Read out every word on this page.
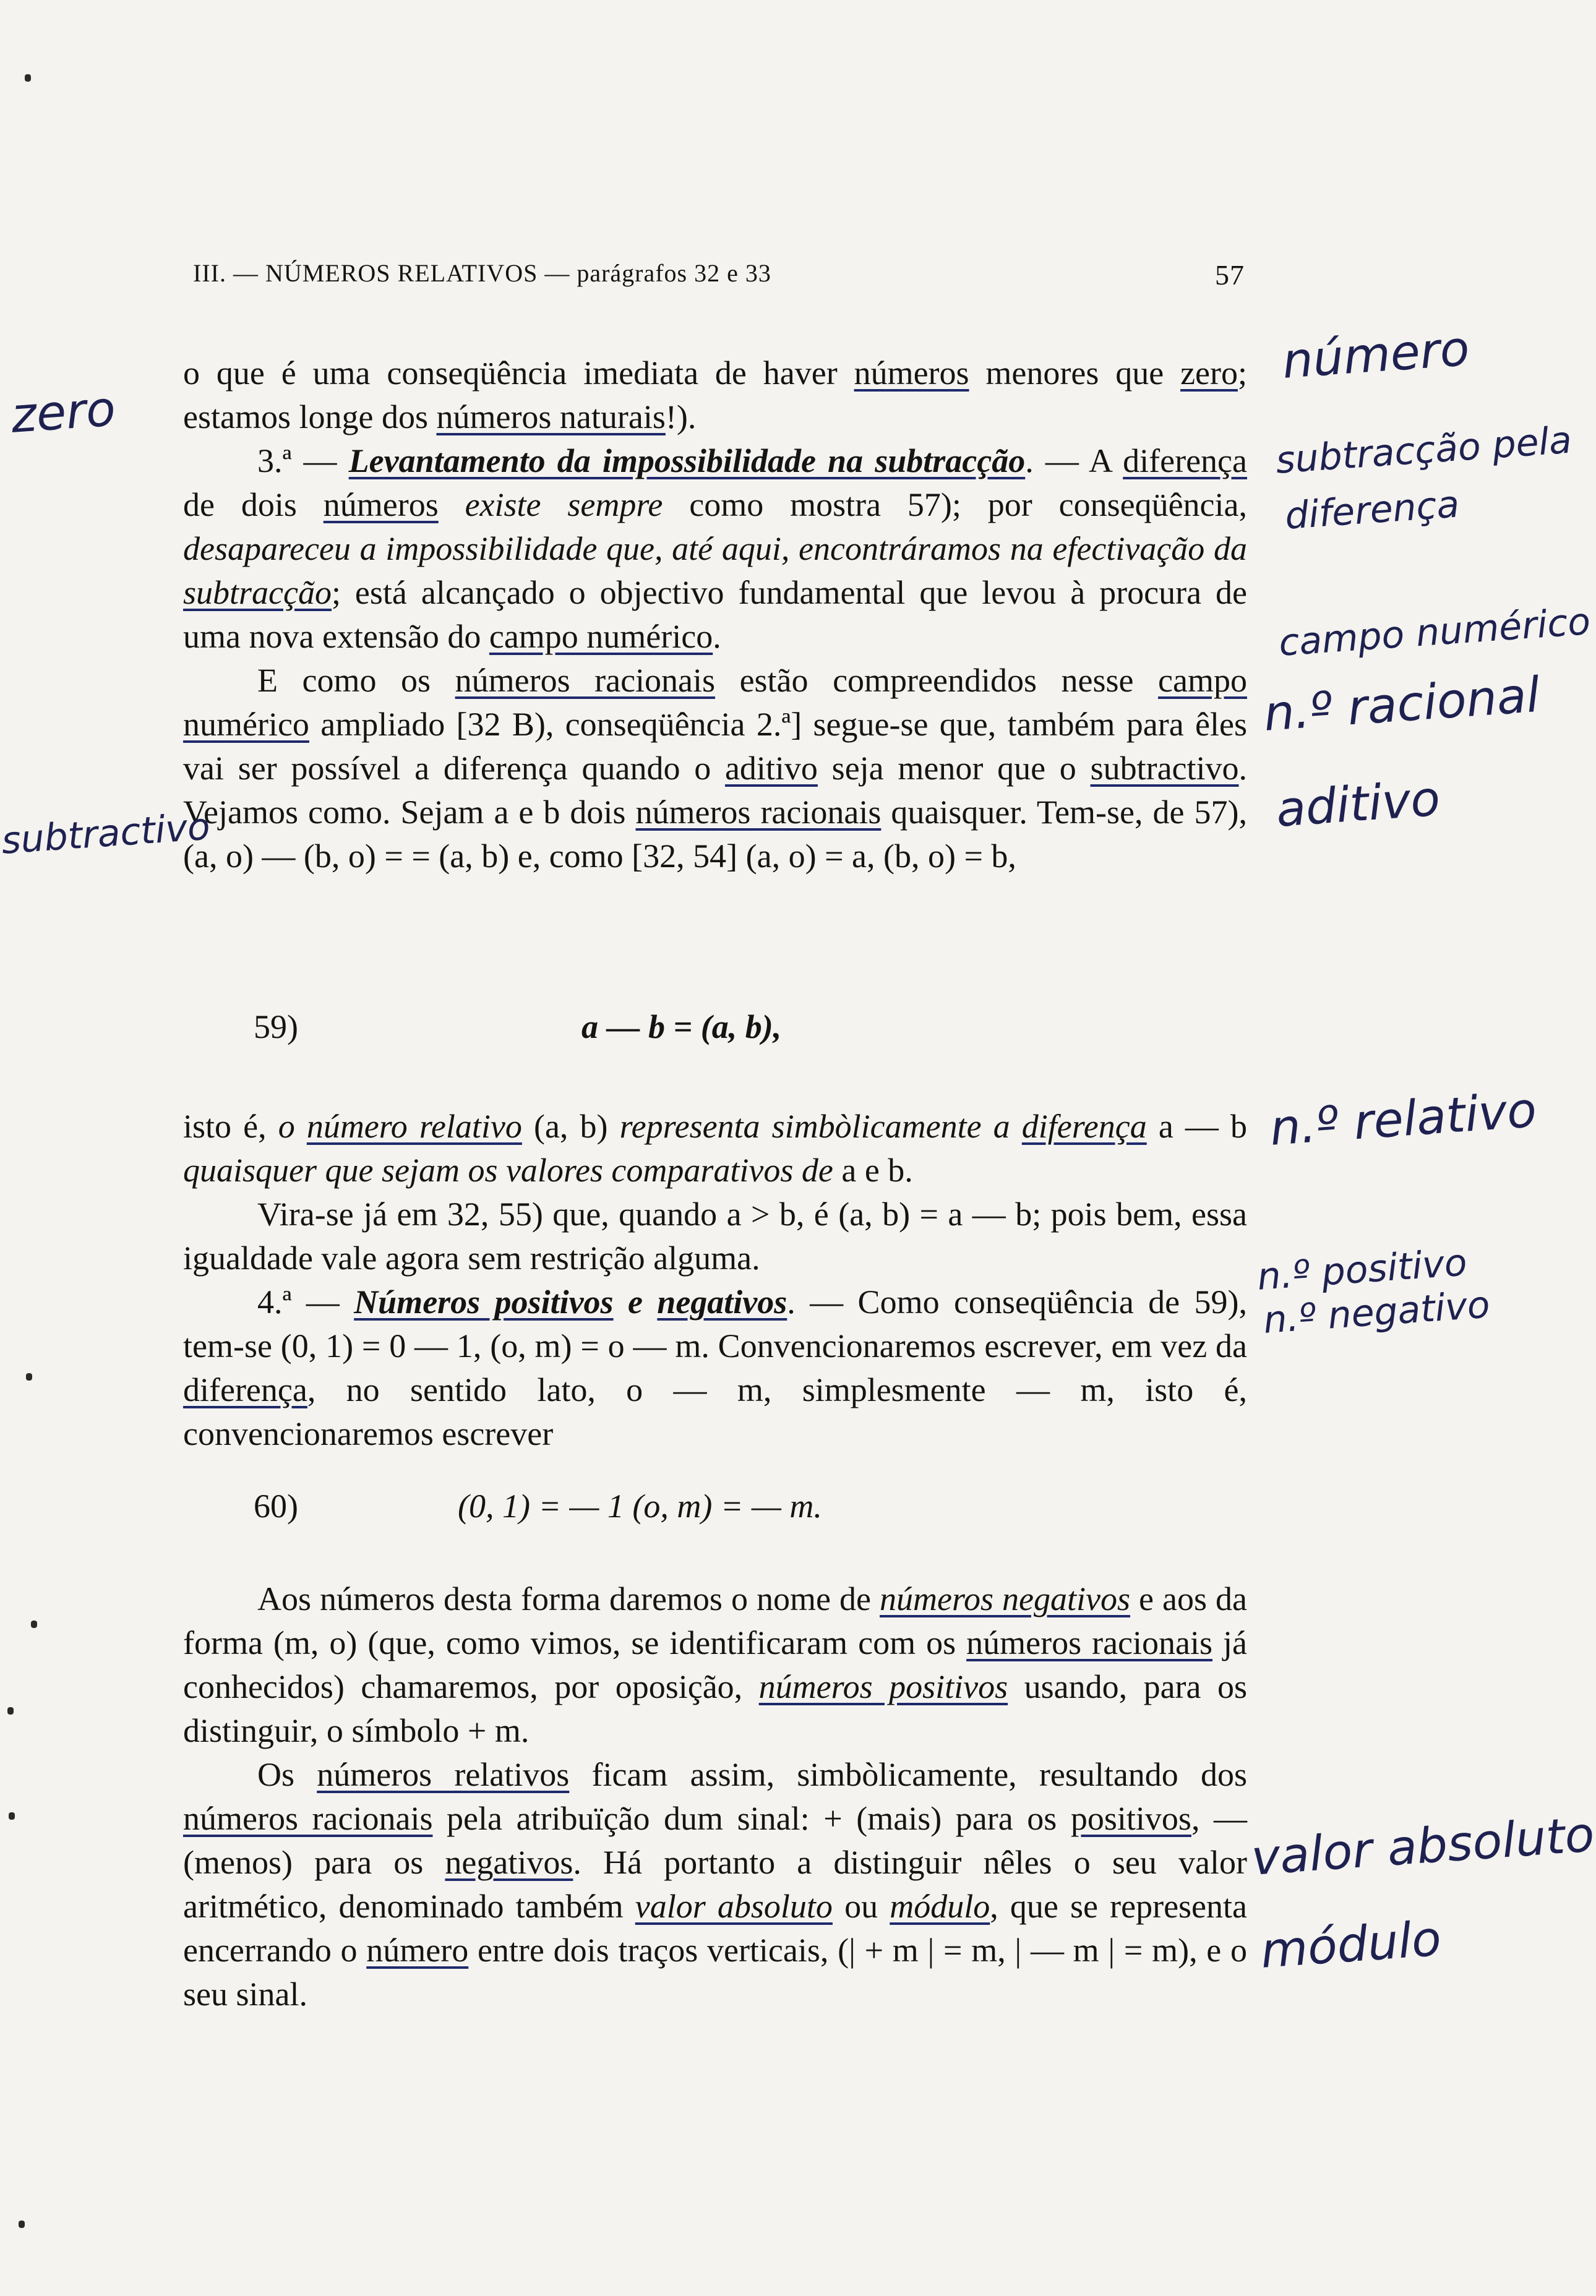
III. — NÚMEROS RELATIVOS — parágrafos 32 e 33	57

o que é uma conseqüência imediata de haver números menores que zero; estamos longe dos números naturais!).

3.ª — Levantamento da impossibilidade na subtracção. — A diferença de dois números existe sempre como mostra 57); por conseqüência, desapareceu a impossibilidade que, até aqui, encontráramos na efectivação da subtracção; está alcançado o objectivo fundamental que levou à procura de uma nova extensão do campo numérico.

E como os números racionais estão compreendidos nesse campo numérico ampliado [32 B), conseqüência 2.ª] segue-se que, também para êles vai ser possível a diferença quando o aditivo seja menor que o subtractivo. Vejamos como. Sejam a e b dois números racionais quaisquer. Tem-se, de 57), (a, o) — (b, o) = = (a, b) e, como [32, 54] (a, o) = a, (b, o) = b,

59)	a — b = (a, b),

isto é, o número relativo (a, b) representa simbòlicamente a diferença a — b quaisquer que sejam os valores comparativos de a e b.

Vira-se já em 32, 55) que, quando a > b, é (a, b) = a — b; pois bem, essa igualdade vale agora sem restrição alguma.

4.ª — Números positivos e negativos. — Como conseqüência de 59), tem-se (0, 1) = 0 — 1, (o, m) = o — m. Convencionaremos escrever, em vez da diferença, no sentido lato, o — m, simplesmente — m, isto é, convencionaremos escrever

60)	(0, 1) = — 1 (o, m) = — m.

Aos números desta forma daremos o nome de números negativos e aos da forma (m, o) (que, como vimos, se identificaram com os números racionais já conhecidos) chamaremos, por oposição, números positivos usando, para os distinguir, o símbolo + m.

Os números relativos ficam assim, simbòlicamente, resultando dos números racionais pela atribuïção dum sinal: + (mais) para os positivos, — (menos) para os negativos. Há portanto a distinguir nêles o seu valor aritmético, denominado também valor absoluto ou módulo, que se representa encerrando o número entre dois traços verticais, (| + m | = m, | — m | = m), e o seu sinal.

número
zero
subtracção pela
diferença
campo numérico
n.º racional
aditivo
subtractivo
n.º relativo
n.º positivo
n.º negativo
valor absoluto
módulo
